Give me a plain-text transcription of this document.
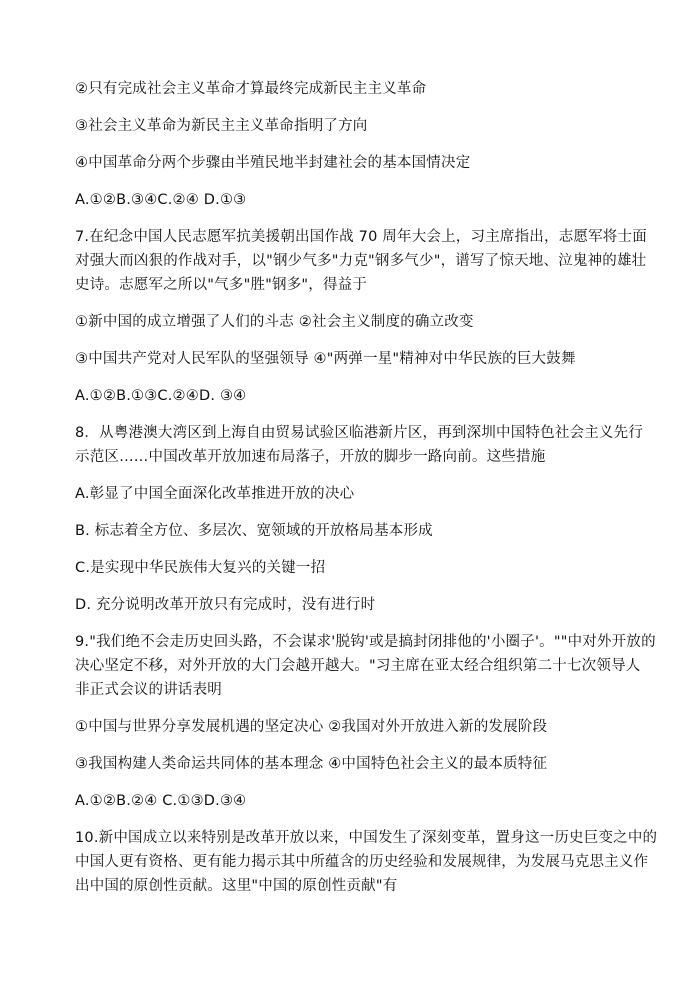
②只有完成社会主义革命才算最终完成新民主主义革命
③社会主义革命为新民主主义革命指明了方向
④中国革命分两个步骤由半殖民地半封建社会的基本国情决定
A.①②B.③④C.②④ D.①③
7.在纪念中国人民志愿军抗美援朝出国作战 70 周年大会上，习主席指出，志愿军将士面
对强大而凶狠的作战对手，以"钢少气多"力克"钢多气少"，谱写了惊天地、泣鬼神的雄壮
史诗。志愿军之所以"气多"胜"钢多"，得益于
①新中国的成立增强了人们的斗志 ②社会主义制度的确立改变
③中国共产党对人民军队的坚强领导 ④"两弹一星"精神对中华民族的巨大鼓舞
A.①②B.①③C.②④D. ③④
8．从粤港澳大湾区到上海自由贸易试验区临港新片区，再到深圳中国特色社会主义先行
示范区……中国改革开放加速布局落子，开放的脚步一路向前。这些措施
A.彰显了中国全面深化改革推进开放的决心
B. 标志着全方位、多层次、宽领域的开放格局基本形成
C.是实现中华民族伟大复兴的关键一招
D. 充分说明改革开放只有完成时，没有进行时
9."我们绝不会走历史回头路，不会谋求'脱钩'或是搞封闭排他的'小圈子'。""中对外开放的
决心坚定不移，对外开放的大门会越开越大。"习主席在亚太经合组织第二十七次领导人
非正式会议的讲话表明
①中国与世界分享发展机遇的坚定决心 ②我国对外开放进入新的发展阶段
③我国构建人类命运共同体的基本理念 ④中国特色社会主义的最本质特征
A.①②B.②④ C.①③D.③④
10.新中国成立以来特别是改革开放以来，中国发生了深刻变革，置身这一历史巨变之中的
中国人更有资格、更有能力揭示其中所蕴含的历史经验和发展规律，为发展马克思主义作
出中国的原创性贡献。这里"中国的原创性贡献"有
